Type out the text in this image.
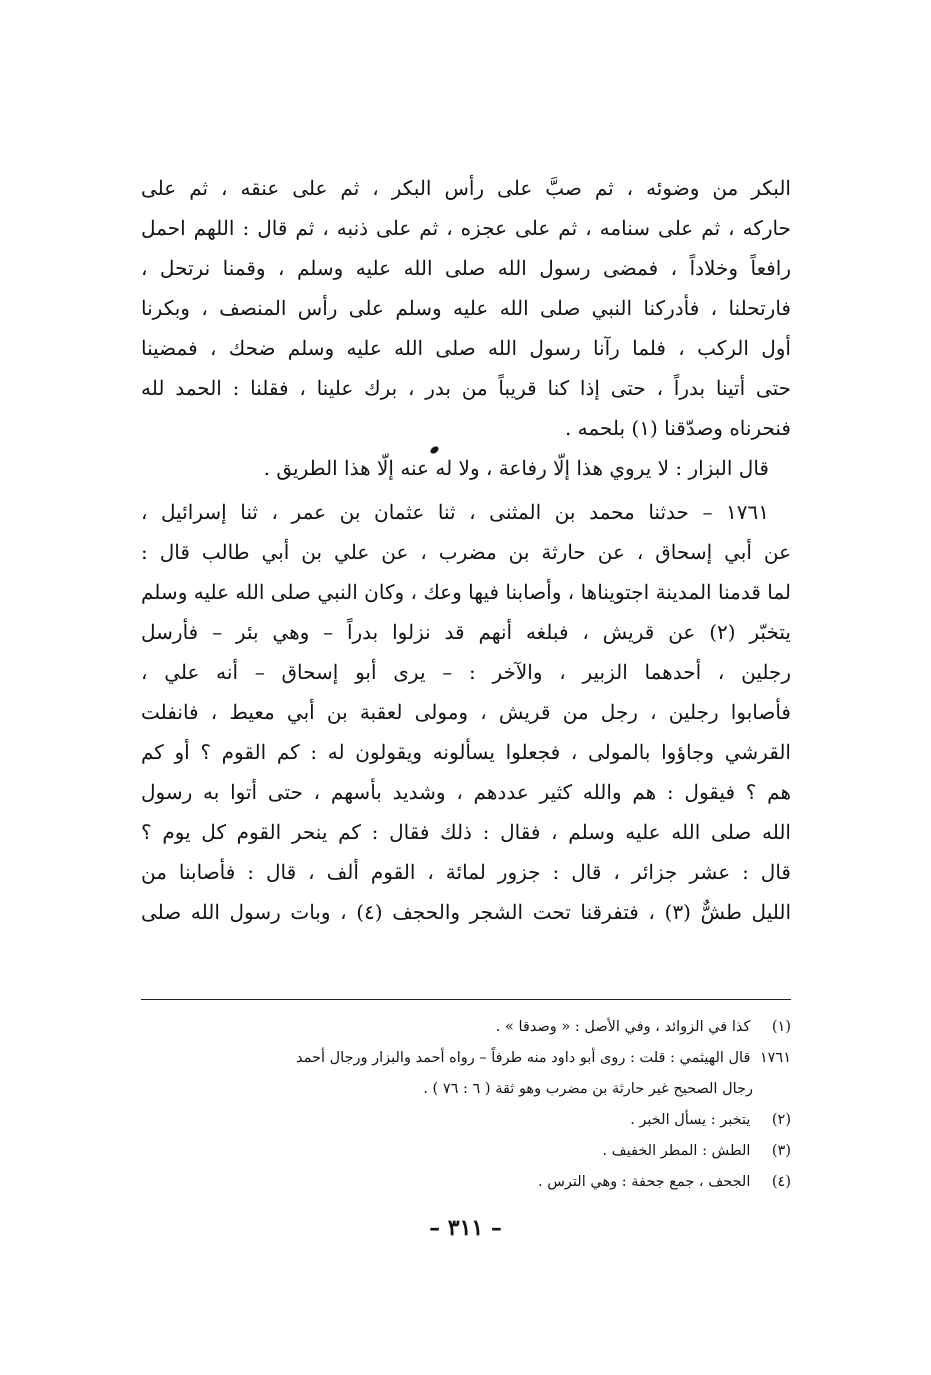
البكر من وضوئه ، ثم صبَّ على رأس البكر ، ثم على عنقه ، ثم على
حاركه ، ثم على سنامه ، ثم على عجزه ، ثم على ذنبه ، ثم قال : اللهم احمل
رافعاً وخلاداً ، فمضى رسول الله صلى الله عليه وسلم ، وقمنا نرتحل ،
فارتحلنا ، فأدركنا النبي صلى الله عليه وسلم على رأس المنصف ، وبكرنا
أول الركب ، فلما رآنا رسول الله صلى الله عليه وسلم ضحك ، فمضينا
حتى أتينا بدراً ، حتى إذا كنا قريباً من بدر ، برك علينا ، فقلنا : الحمد لله
فنحرناه وصدّقنا (١) بلحمه .
قال البزار : لا يروي هذا إلّا رفاعة ، ولا له عنه إلّا هذا الطريق .
١٧٦١ – حدثنا محمد بن المثنى ، ثنا عثمان بن عمر ، ثنا إسرائيل ،
عن أبي إسحاق ، عن حارثة بن مضرب ، عن علي بن أبي طالب قال :
لما قدمنا المدينة اجتويناها ، وأصابنا فيها وعك ، وكان النبي صلى الله عليه وسلم
يتخبّر (٢) عن قريش ، فبلغه أنهم قد نزلوا بدراً – وهي بئر – فأرسل
رجلين ، أحدهما الزبير ، والآخر : – يرى أبو إسحاق – أنه علي ،
فأصابوا رجلين ، رجل من قريش ، ومولى لعقبة بن أبي معيط ، فانفلت
القرشي وجاؤوا بالمولى ، فجعلوا يسألونه ويقولون له : كم القوم ؟ أو كم
هم ؟ فيقول : هم والله كثير عددهم ، وشديد بأسهم ، حتى أتوا به رسول
الله صلى الله عليه وسلم ، فقال : ذلك فقال : كم ينحر القوم كل يوم ؟
قال : عشر جزائر ، قال : جزور لمائة ، القوم ألف ، قال : فأصابنا من
الليل طشٌّ (٣) ، فتفرقنا تحت الشجر والحجف (٤) ، وبات رسول الله صلى
(١) كذا في الزوائد ، وفي الأصل : « وصدقا » .
١٧٦١ قال الهيثمي : قلت : روى أبو داود منه طرفاً – رواه أحمد والبزار ورجال أحمد
رجال الصحيح غير حارثة بن مضرب وهو ثقة ( ٦ : ٧٦ ) .
(٢) يتخبر : يسأل الخبر .
(٣) الطش : المطر الخفيف .
(٤) الجحف ، جمع جحفة : وهي الترس .
– ٣١١ –
